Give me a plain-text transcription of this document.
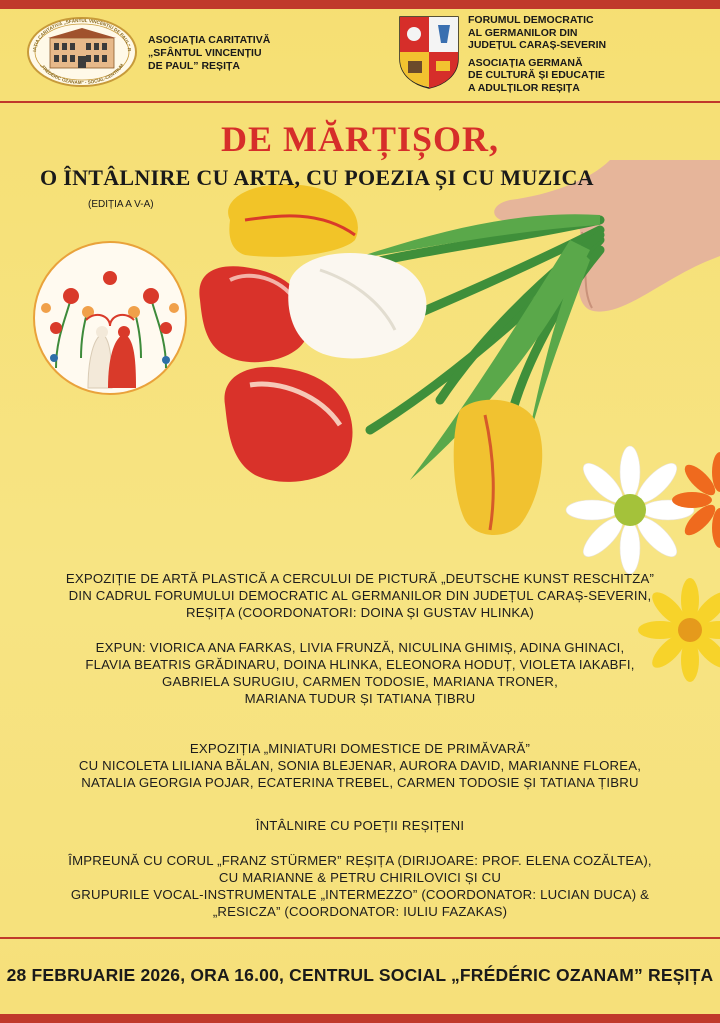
IAȚIA CARITATIVĂ „SFÂNTUL VINCENȚIU DE PAUL” R
„FRÉDÉRIC OZANAM” - SOCIAL-CENTRUM
ASOCIAȚIA CARITATIVĂ
„SFÂNTUL VINCENȚIU
DE PAUL” REȘIȚA
FORUMUL DEMOCRATIC
AL GERMANILOR DIN
JUDEȚUL CARAȘ-SEVERIN
ASOCIAȚIA GERMANĂ
DE CULTURĂ ȘI EDUCAȚIE
A ADULȚILOR REȘIȚA
DE MĂRȚIȘOR,
O ÎNTÂLNIRE CU ARTA, CU POEZIA ȘI CU MUZICA
(EDIȚIA A V-A)

EXPOZIȚIE DE ARTĂ PLASTICĂ A CERCULUI DE PICTURĂ „DEUTSCHE KUNST RESCHITZA”

DIN CADRUL FORUMULUI DEMOCRATIC AL GERMANILOR DIN JUDEȚUL CARAȘ-SEVERIN,

REȘIȚA (COORDONATORI: DOINA ȘI GUSTAV HLINKA)

EXPUN: VIORICA ANA FARKAS, LIVIA FRUNZĂ, NICULINA GHIMIȘ, ADINA GHINACI,

FLAVIA BEATRIS GRĂDINARU, DOINA HLINKA, ELEONORA HODUȚ, VIOLETA IAKABFI,

GABRIELA SURUGIU, CARMEN TODOSIE, MARIANA TRONER,

MARIANA TUDUR ȘI TATIANA ȚIBRU

EXPOZIȚIA „MINIATURI DOMESTICE DE PRIMĂVARĂ”

CU NICOLETA LILIANA BĂLAN, SONIA BLEJENAR, AURORA DAVID, MARIANNE FLOREA,

NATALIA GEORGIA POJAR, ECATERINA TREBEL, CARMEN TODOSIE ȘI TATIANA ȚIBRU

ÎNTÂLNIRE CU POEȚII REȘIȚENI

ÎMPREUNĂ CU CORUL „FRANZ STÜRMER” REȘIȚA (DIRIJOARE: PROF. ELENA COZĂLTEA),

CU MARIANNE & PETRU CHIRILOVICI ȘI CU

GRUPURILE VOCAL-INSTRUMENTALE „INTERMEZZO” (COORDONATOR: LUCIAN DUCA) &

„RESICZA” (COORDONATOR: IULIU FAZAKAS)

28 FEBRUARIE 2026, ORA 16.00, CENTRUL SOCIAL „FRÉDÉRIC OZANAM” REȘIȚA
